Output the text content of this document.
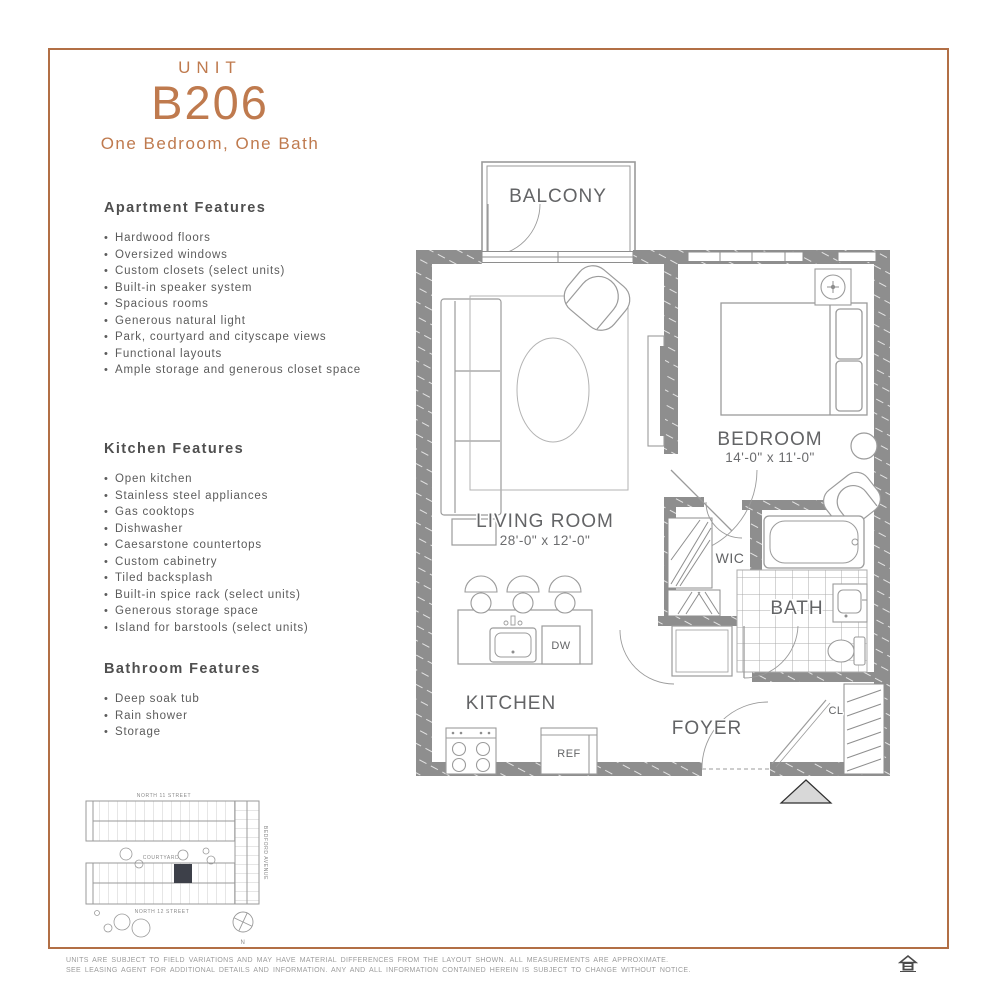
UNIT
B206
One Bedroom, One Bath
Apartment Features
• Hardwood floors
• Oversized windows
• Custom closets (select units)
• Built-in speaker system
• Spacious rooms
• Generous natural light
• Park, courtyard and cityscape views
• Functional layouts
• Ample storage and generous closet space
Kitchen Features
• Open kitchen
• Stainless steel appliances
• Gas cooktops
• Dishwasher
• Caesarstone countertops
• Custom cabinetry
• Tiled backsplash
• Built-in spice rack (select units)
• Generous storage space
• Island for barstools (select units)
Bathroom Features
• Deep soak tub
• Rain shower
• Storage
BALCONY
LIVING ROOM
28'-0" x 12'-0"
BEDROOM
14'-0" x 11'-0"
KITCHEN
FOYER
BATH
WIC
CL
DW
REF
NORTH 11 STREET
NORTH 12 STREET
COURTYARD	BEDFORD AVENUE
N
UNITS ARE SUBJECT TO FIELD VARIATIONS AND MAY HAVE MATERIAL DIFFERENCES FROM THE LAYOUT SHOWN. ALL MEASUREMENTS ARE APPROXIMATE.
SEE LEASING AGENT FOR ADDITIONAL DETAILS AND INFORMATION. ANY AND ALL INFORMATION CONTAINED HEREIN IS SUBJECT TO CHANGE WITHOUT NOTICE.
